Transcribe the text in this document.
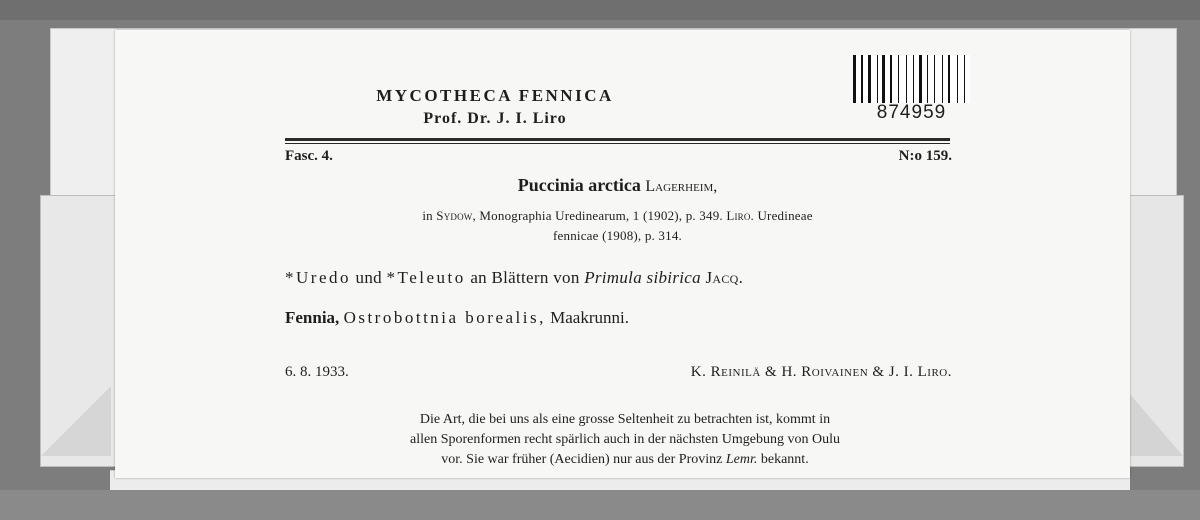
MYCOTHECA FENNICA
Prof. Dr. J. I. Liro	874959
Fasc. 4.	N:o 159.
Puccinia arctica Lagerheim,
in Sydow, Monographia Uredinearum, 1 (1902), p. 349. Liro. Uredineae
fennicae (1908), p. 314.
*Uredo und *Teleuto an Blättern von Primula sibirica Jacq.
Fennia, Ostrobottnia borealis, Maakrunni.
6. 8. 1933.	K. Reinilä & H. Roivainen & J. I. Liro.
Die Art, die bei uns als eine grosse Seltenheit zu betrachten ist, kommt in
allen Sporenformen recht spärlich auch in der nächsten Umgebung von Oulu
vor. Sie war früher (Aecidien) nur aus der Provinz Lemr. bekannt.
